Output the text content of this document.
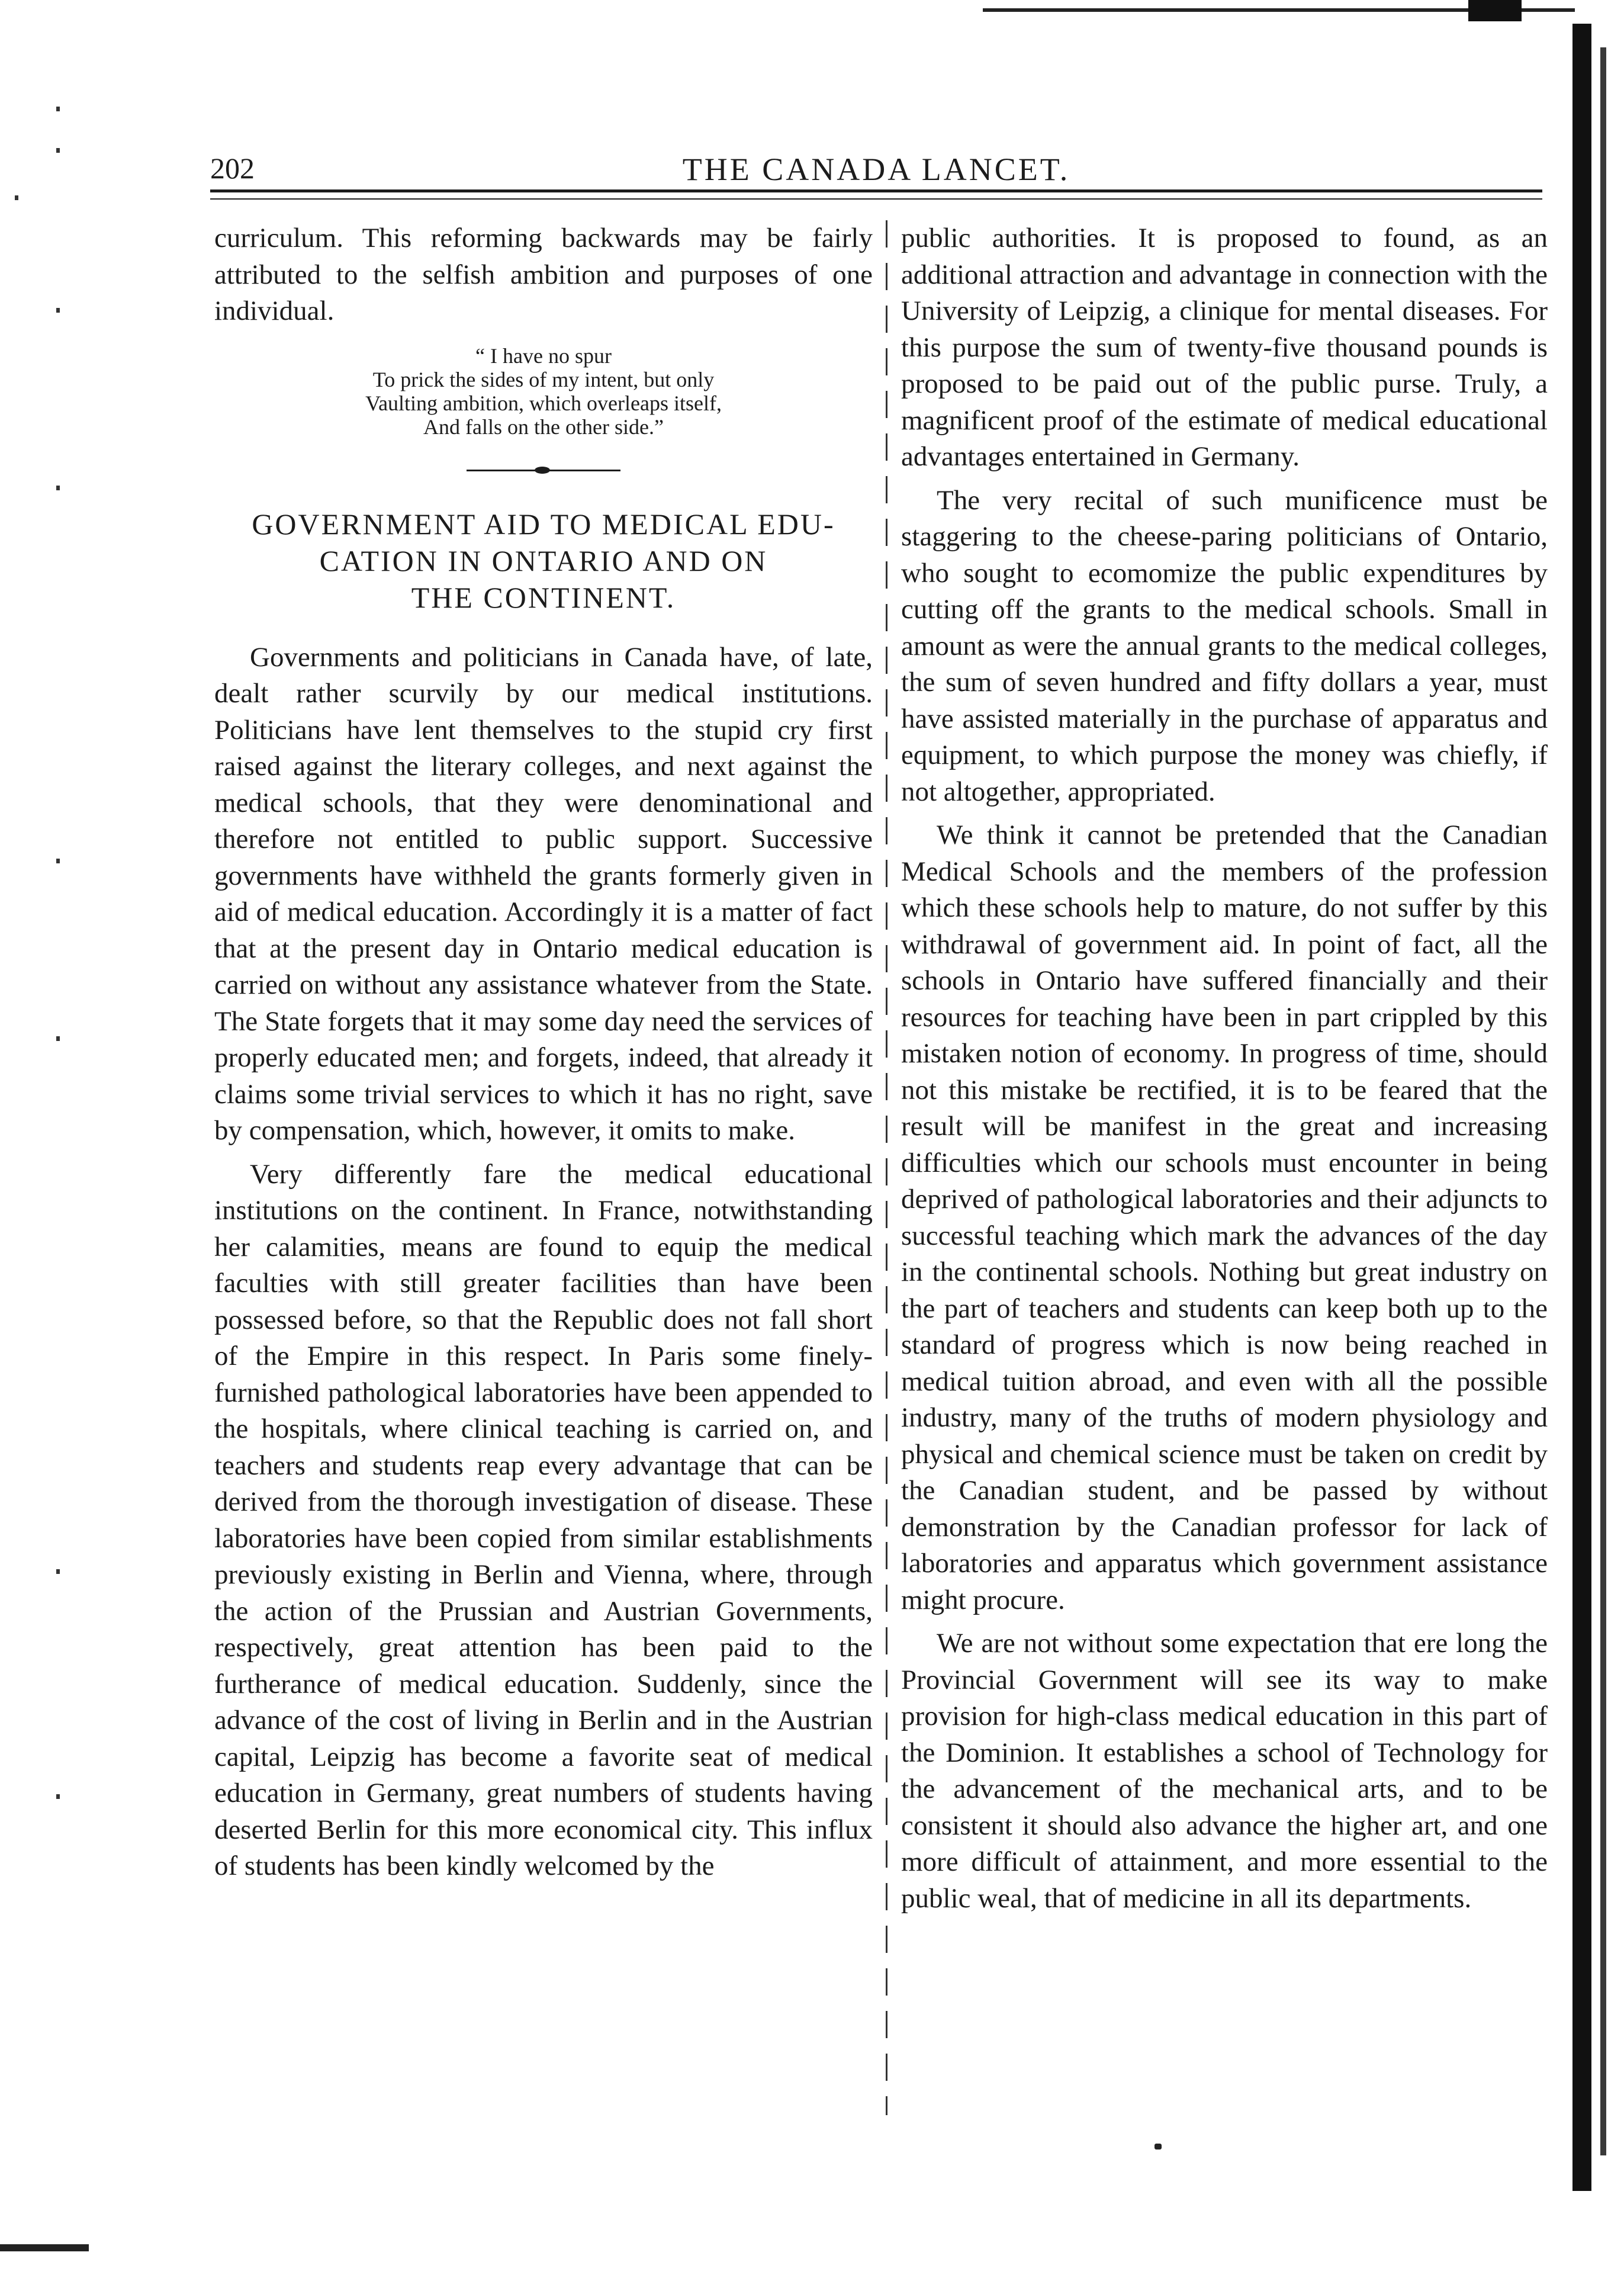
202	THE CANADA LANCET.

curriculum. This reforming backwards may be fairly attributed to the selfish ambition and purposes of one individual.

“ I have no spur
To prick the sides of my intent, but only
Vaulting ambition, which overleaps itself,
And falls on the other side.”
GOVERNMENT AID TO MEDICAL EDU-
CATION IN ONTARIO AND ON
THE CONTINENT.

Governments and politicians in Canada have, of late, dealt rather scurvily by our medical institutions. Politicians have lent themselves to the stupid cry first raised against the literary colleges, and next against the medical schools, that they were denominational and therefore not entitled to public support. Successive governments have withheld the grants formerly given in aid of medical education. Accordingly it is a matter of fact that at the present day in Ontario medical education is carried on without any assistance whatever from the State. The State forgets that it may some day need the services of properly educated men; and forgets, indeed, that already it claims some trivial services to which it has no right, save by compensation, which, however, it omits to make.

Very differently fare the medical educational institutions on the continent. In France, notwithstanding her calamities, means are found to equip the medical faculties with still greater facilities than have been possessed before, so that the Republic does not fall short of the Empire in this respect. In Paris some finely-furnished pathological laboratories have been appended to the hospitals, where clinical teaching is carried on, and teachers and students reap every advantage that can be derived from the thorough investigation of disease. These laboratories have been copied from similar establishments previously existing in Berlin and Vienna, where, through the action of the Prussian and Austrian Governments, respectively, great attention has been paid to the furtherance of medical education. Suddenly, since the advance of the cost of living in Berlin and in the Austrian capital, Leipzig has become a favorite seat of medical education in Germany, great numbers of students having deserted Berlin for this more economical city. This influx of students has been kindly welcomed by the

public authorities. It is proposed to found, as an additional attraction and advantage in connection with the University of Leipzig, a clinique for mental diseases. For this purpose the sum of twenty-five thousand pounds is proposed to be paid out of the public purse. Truly, a magnificent proof of the estimate of medical educational advantages entertained in Germany.

The very recital of such munificence must be staggering to the cheese-paring politicians of Ontario, who sought to ecomomize the public expenditures by cutting off the grants to the medical schools. Small in amount as were the annual grants to the medical colleges, the sum of seven hundred and fifty dollars a year, must have assisted materially in the purchase of apparatus and equipment, to which purpose the money was chiefly, if not altogether, appropriated.

We think it cannot be pretended that the Canadian Medical Schools and the members of the profession which these schools help to mature, do not suffer by this withdrawal of government aid. In point of fact, all the schools in Ontario have suffered financially and their resources for teaching have been in part crippled by this mistaken notion of economy. In progress of time, should not this mistake be rectified, it is to be feared that the result will be manifest in the great and increasing difficulties which our schools must encounter in being deprived of pathological laboratories and their adjuncts to successful teaching which mark the advances of the day in the continental schools. Nothing but great industry on the part of teachers and students can keep both up to the standard of progress which is now being reached in medical tuition abroad, and even with all the possible industry, many of the truths of modern physiology and physical and chemical science must be taken on credit by the Canadian student, and be passed by without demonstration by the Canadian professor for lack of laboratories and apparatus which government assistance might procure.

We are not without some expectation that ere long the Provincial Government will see its way to make provision for high-class medical education in this part of the Dominion. It establishes a school of Technology for the advancement of the mechanical arts, and to be consistent it should also advance the higher art, and one more difficult of attainment, and more essential to the public weal, that of medicine in all its departments.
